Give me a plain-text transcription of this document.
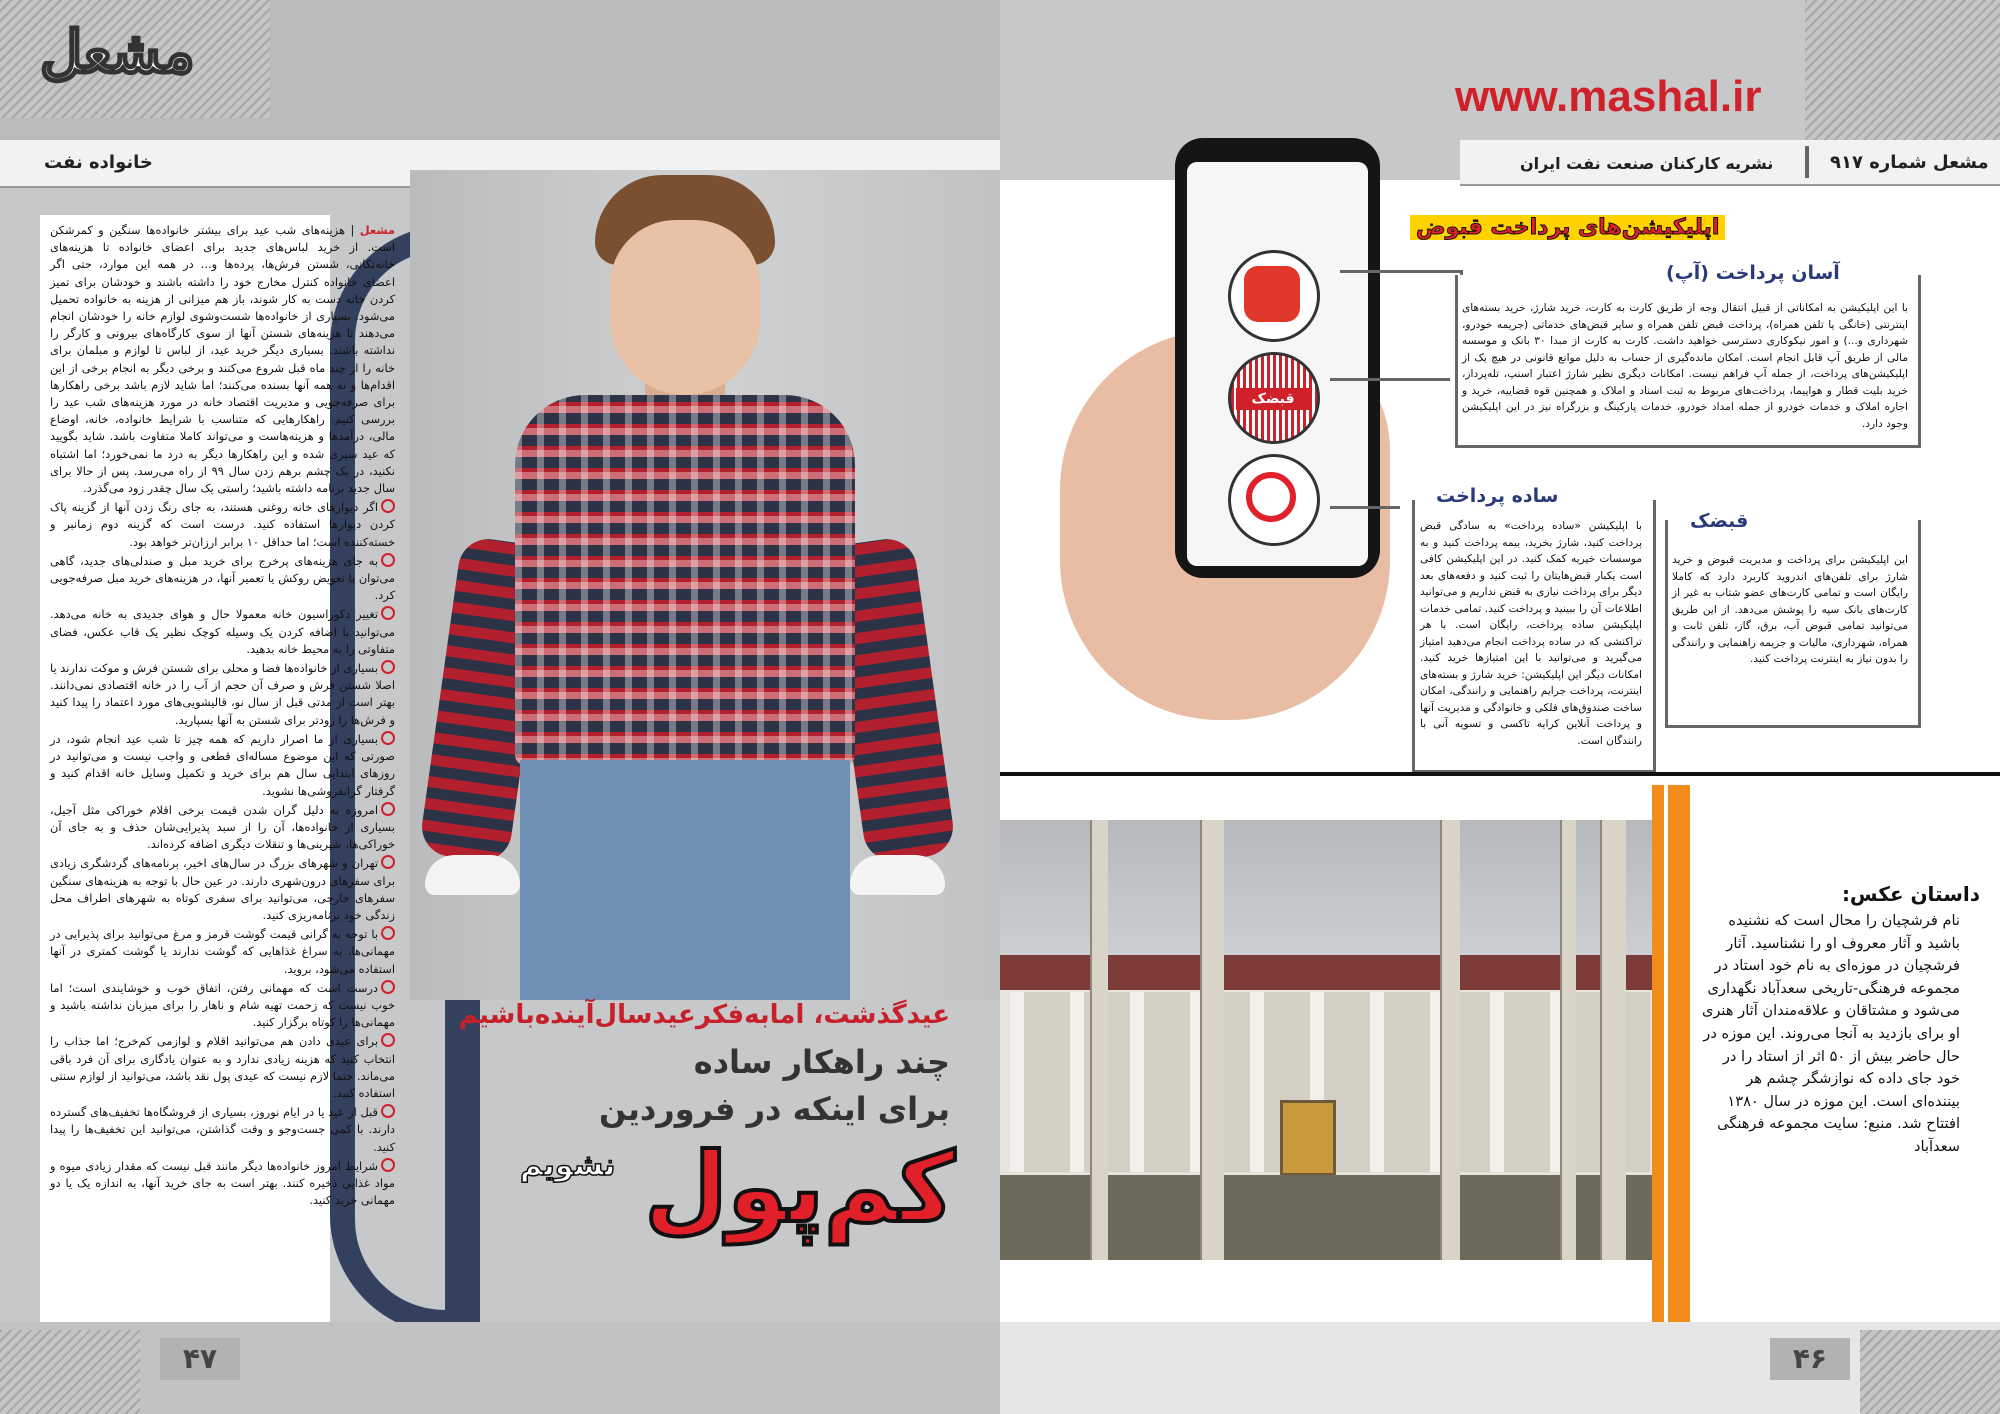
مشعل
خانواده نفت

مشعل | هزینه‌های شب عید برای بیشتر خانواده‌ها سنگین و کمرشکن است. از خرید لباس‌های جدید برای اعضای خانواده تا هزینه‌های خانه‌تکانی، شستن فرش‌ها، پرده‌ها و... در همه این موارد، حتی اگر اعضای خانواده کنترل مخارج خود را داشته باشند و خودشان برای تمیز کردن خانه دست به کار شوند، باز هم میزانی از هزینه به خانواده تحمیل می‌شود. بسیاری از خانواده‌ها شست‌وشوی لوازم خانه را خودشان انجام می‌دهند تا هزینه‌های شستن آنها از سوی کارگاه‌های بیرونی و کارگر را نداشته باشند. بسیاری دیگر خرید عید، از لباس تا لوازم و مبلمان برای خانه را از چند ماه قبل شروع می‌کنند و برخی دیگر به انجام برخی از این اقدام‌ها و نه همه آنها بسنده می‌کنند؛ اما شاید لازم باشد برخی راهکارها برای صرفه‌جویی و مدیریت اقتصاد خانه در مورد هزینه‌های شب عید را بررسی کنیم. راهکارهایی که متناسب با شرایط خانواده، خانه، اوضاع مالی، درآمدها و هزینه‌هاست و می‌تواند کاملا متفاوت باشد. شاید بگویید که عید سپری شده و این راهکارها دیگر به درد ما نمی‌خورد؛ اما اشتباه نکنید، در یک چشم برهم زدن سال ۹۹ از راه می‌رسد. پس از حالا برای سال جدید برنامه داشته باشید؛ راستی یک سال چقدر زود می‌گذرد.

اگر دیوارهای خانه روغنی هستند، به جای رنگ زدن آنها از گزینه پاک کردن دیوارها استفاده کنید. درست است که گزینه دوم زمانبر و خسته‌کننده است؛ اما حداقل ۱۰ برابر ارزان‌تر خواهد بود.

به جای هزینه‌های پرخرج برای خرید مبل و صندلی‌های جدید، گاهی می‌توان با تعویض روکش یا تعمیر آنها، در هزینه‌های خرید مبل صرفه‌جویی کرد.

تغییر دکوراسیون خانه معمولا حال و هوای جدیدی به خانه می‌دهد. می‌توانید با اضافه کردن یک وسیله کوچک نظیر یک قاب عکس، فضای متفاوتی را به محیط خانه بدهید.

بسیاری از خانواده‌ها فضا و محلی برای شستن فرش و موکت ندارند یا اصلا شستن فرش و صرف آن حجم از آب را در خانه اقتصادی نمی‌دانند. بهتر است از مدتی قبل از سال نو، قالیشویی‌های مورد اعتماد را پیدا کنید و فرش‌ها را زودتر برای شستن به آنها بسپارید.

بسیاری از ما اصرار داریم که همه چیز تا شب عید انجام شود، در صورتی که این موضوع مساله‌ای قطعی و واجب نیست و می‌توانید در روزهای ابتدایی سال هم برای خرید و تکمیل وسایل خانه اقدام کنید و گرفتار گرانفروشی‌ها نشوید.

امروزه به دلیل گران شدن قیمت برخی اقلام خوراکی مثل آجیل، بسیاری از خانواده‌ها، آن را از سبد پذیرایی‌شان حذف و به جای آن خوراکی‌ها، شیرینی‌ها و تنقلات دیگری اضافه کرده‌اند.

تهران و شهرهای بزرگ در سال‌های اخیر، برنامه‌های گردشگری زیادی برای سفرهای درون‌شهری دارند. در عین حال با توجه به هزینه‌های سنگین سفرهای خارجی، می‌توانید برای سفری کوتاه به شهرهای اطراف محل زندگی خود برنامه‌ریزی کنید.

با توجه به گرانی قیمت گوشت قرمز و مرغ می‌توانید برای پذیرایی در مهمانی‌ها، به سراغ غذاهایی که گوشت ندارند یا گوشت کمتری در آنها استفاده می‌شود، بروید.

درست است که مهمانی رفتن، اتفاق خوب و خوشایندی است؛ اما خوب نیست که زحمت تهیه شام و ناهار را برای میزبان نداشته باشید و مهمانی‌ها را کوتاه برگزار کنید.

برای عیدی دادن هم می‌توانید اقلام و لوازمی کم‌خرج؛ اما جذاب را انتخاب کنید که هزینه زیادی ندارد و به عنوان یادگاری برای آن فرد باقی می‌ماند. حتما لازم نیست که عیدی پول نقد باشد، می‌توانید از لوازم سنتی استفاده کنید.

قبل از عید یا در ایام نوروز، بسیاری از فروشگاه‌ها تخفیف‌های گسترده دارند. با کمی جست‌وجو و وقت گذاشتن، می‌توانید این تخفیف‌ها را پیدا کنید.

شرایط امروز خانواده‌ها دیگر مانند قبل نیست که مقدار زیادی میوه و مواد غذایی ذخیره کنند. بهتر است به جای خرید آنها، به اندازه یک یا دو مهمانی خرید کنید.

عیدگذشت، امابه‌فکرعیدسال‌آینده‌باشیم
چند راهکار ساده
برای اینکه در فروردین
کم‌پول
نشویم
۴۷
www.mashal.ir
مشعل شماره ۹۱۷
نشریه کارکنان صنعت نفت ایران
قبضک
اپلیکیشن‌های پرداخت قبوض
آسان پرداخت (آپ)
با این اپلیکیشن به امکاناتی از قبیل انتقال وجه از طریق کارت به کارت، خرید شارژ، خرید بسته‌های اینترنتی (خانگی یا تلفن همراه)، پرداخت قبض تلفن همراه و سایر قبض‌های خدماتی (جریمه خودرو، شهرداری و...) و امور نیکوکاری دسترسی خواهید داشت. کارت به کارت از مبدا ۳۰ بانک و موسسه مالی از طریق آپ قابل انجام است. امکان مانده‌گیری از حساب به دلیل موانع قانونی در هیچ یک از اپلیکیشن‌های پرداخت، از جمله آپ فراهم نیست. امکانات دیگری نظیر شارژ اعتبار اسنپ، تله‌پرداز، خرید بلیت قطار و هواپیما، پرداخت‌های مربوط به ثبت اسناد و املاک و همچنین قوه قضاییه، خرید و اجاره املاک و خدمات خودرو از جمله امداد خودرو، خدمات پارکینگ و بزرگراه نیز در این اپلیکیشن وجود دارد.
ساده پرداخت
با اپلیکیشن «ساده پرداخت» به سادگی قبض پرداخت کنید، شارژ بخرید، بیمه پرداخت کنید و به موسسات خیریه کمک کنید. در این اپلیکیشن کافی است یکبار قبض‌هایتان را ثبت کنید و دفعه‌های بعد دیگر برای پرداخت نیازی به قبض نداریم و می‌توانید اطلاعات آن را ببینید و پرداخت کنید. تمامی خدمات اپلیکیشن ساده پرداخت، رایگان است. با هر تراکنشی که در ساده پرداخت انجام می‌دهید امتیاز می‌گیرید و می‌توانید با این امتیازها خرید کنید. امکانات دیگر این اپلیکیشن: خرید شارژ و بسته‌های اینترنت، پرداخت جرایم راهنمایی و رانندگی، امکان ساخت صندوق‌های فلکی و خانوادگی و مدیریت آنها و پرداخت آنلاین کرایه تاکسی و تسویه آنی با رانندگان است.
قبضک
این اپلیکیشن برای پرداخت و مدیریت قبوض و خرید شارژ برای تلفن‌های اندروید کاربرد دارد که کاملا رایگان است و تمامی کارت‌های عضو شتاب به غیر از کارت‌های بانک سپه را پوشش می‌دهد. از این طریق می‌توانید تمامی قبوض آب، برق، گاز، تلفن ثابت و همراه، شهرداری، مالیات و جریمه راهنمایی و رانندگی را بدون نیاز به اینترنت پرداخت کنید.
داستان عکس:
نام فرشچیان را محال است که نشنیده باشید و آثار معروف او را نشناسید. آثار فرشچیان در موزه‌ای به نام خود استاد در مجموعه فرهنگی-تاریخی سعدآباد نگهداری می‌شود و مشتاقان و علاقه‌مندان آثار هنری او برای بازدید به آنجا می‌روند. این موزه در حال حاضر بیش از ۵۰ اثر از استاد را در خود جای داده که نوازشگر چشم هر بیننده‌ای است. این موزه در سال ۱۳۸۰ افتتاح شد. منبع: سایت مجموعه فرهنگی سعدآباد
۴۶
